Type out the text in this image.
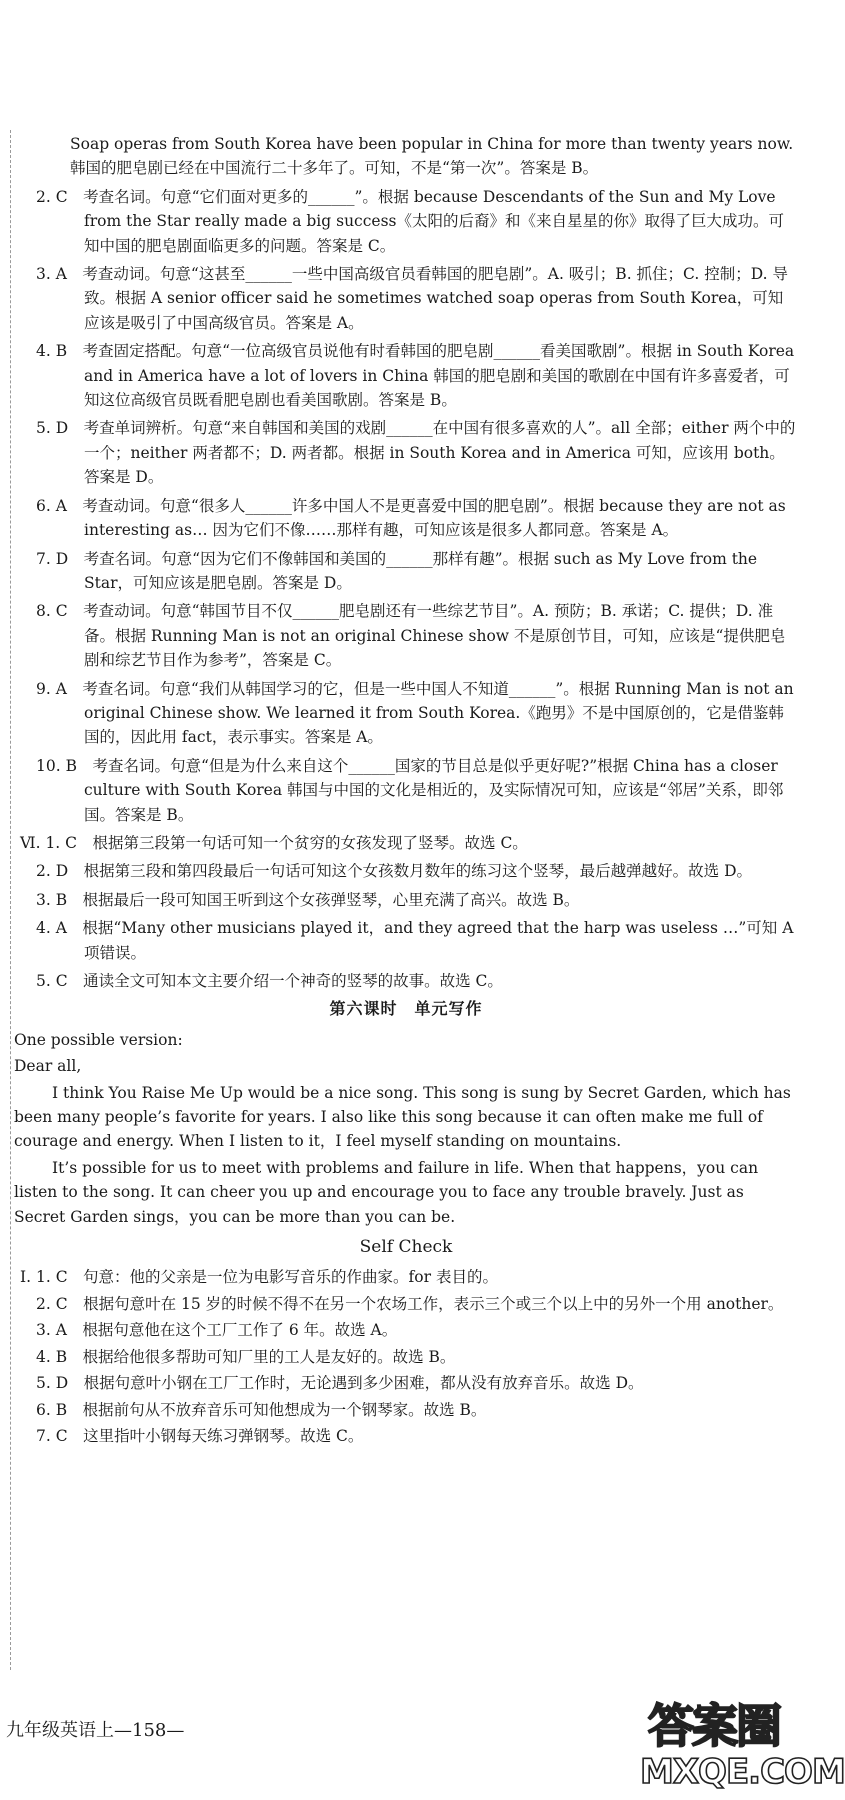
Soap operas from South Korea have been popular in China for more than twenty years now. 韩国的肥皂剧已经在中国流行二十多年了。可知，不是“第一次”。答案是 B。
2. C　考查名词。句意“它们面对更多的______”。根据 because Descendants of the Sun and My Love from the Star really made a big success《太阳的后裔》和《来自星星的你》取得了巨大成功。可知中国的肥皂剧面临更多的问题。答案是 C。
3. A　考查动词。句意“这甚至______一些中国高级官员看韩国的肥皂剧”。A. 吸引；B. 抓住；C. 控制；D. 导致。根据 A senior officer said he sometimes watched soap operas from South Korea，可知应该是吸引了中国高级官员。答案是 A。
4. B　考查固定搭配。句意“一位高级官员说他有时看韩国的肥皂剧______看美国歌剧”。根据 in South Korea and in America have a lot of lovers in China 韩国的肥皂剧和美国的歌剧在中国有许多喜爱者，可知这位高级官员既看肥皂剧也看美国歌剧。答案是 B。
5. D　考查单词辨析。句意“来自韩国和美国的戏剧______在中国有很多喜欢的人”。all 全部；either 两个中的一个；neither 两者都不；D. 两者都。根据 in South Korea and in America 可知，应该用 both。答案是 D。
6. A　考查动词。句意“很多人______许多中国人不是更喜爱中国的肥皂剧”。根据 because they are not as interesting as… 因为它们不像……那样有趣，可知应该是很多人都同意。答案是 A。
7. D　考查名词。句意“因为它们不像韩国和美国的______那样有趣”。根据 such as My Love from the Star，可知应该是肥皂剧。答案是 D。
8. C　考查动词。句意“韩国节目不仅______肥皂剧还有一些综艺节目”。A. 预防；B. 承诺；C. 提供；D. 准备。根据 Running Man is not an original Chinese show 不是原创节目，可知，应该是“提供肥皂剧和综艺节目作为参考”，答案是 C。
9. A　考查名词。句意“我们从韩国学习的它，但是一些中国人不知道______”。根据 Running Man is not an original Chinese show. We learned it from South Korea.《跑男》不是中国原创的，它是借鉴韩国的，因此用 fact，表示事实。答案是 A。
10. B　考查名词。句意“但是为什么来自这个______国家的节目总是似乎更好呢?”根据 China has a closer culture with South Korea 韩国与中国的文化是相近的，及实际情况可知，应该是“邻居”关系，即邻国。答案是 B。
Ⅵ. 1. C　根据第三段第一句话可知一个贫穷的女孩发现了竖琴。故选 C。
2. D　根据第三段和第四段最后一句话可知这个女孩数月数年的练习这个竖琴，最后越弹越好。故选 D。
3. B　根据最后一段可知国王听到这个女孩弹竖琴，心里充满了高兴。故选 B。
4. A　根据“Many other musicians played it，and they agreed that the harp was useless …”可知 A 项错误。
5. C　通读全文可知本文主要介绍一个神奇的竖琴的故事。故选 C。
第六课时　单元写作
One possible version:
Dear all,
I think You Raise Me Up would be a nice song. This song is sung by Secret Garden, which has been many people’s favorite for years. I also like this song because it can often make me full of courage and energy. When I listen to it，I feel myself standing on mountains.
It’s possible for us to meet with problems and failure in life. When that happens，you can listen to the song. It can cheer you up and encourage you to face any trouble bravely. Just as Secret Garden sings，you can be more than you can be.
Self Check
Ⅰ. 1. C　句意：他的父亲是一位为电影写音乐的作曲家。for 表目的。
2. C　根据句意叶在 15 岁的时候不得不在另一个农场工作，表示三个或三个以上中的另外一个用 another。
3. A　根据句意他在这个工厂工作了 6 年。故选 A。
4. B　根据给他很多帮助可知厂里的工人是友好的。故选 B。
5. D　根据句意叶小钢在工厂工作时，无论遇到多少困难，都从没有放弃音乐。故选 D。
6. B　根据前句从不放弃音乐可知他想成为一个钢琴家。故选 B。
7. C　这里指叶小钢每天练习弹钢琴。故选 C。
九年级英语上—158—	答案圈
MXQE.COM
